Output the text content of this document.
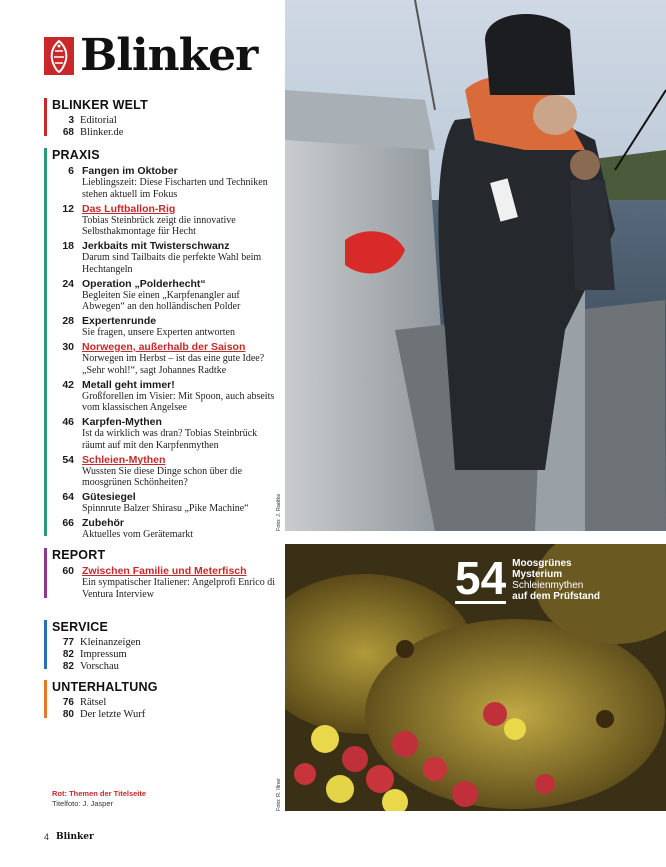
Blinker
BLINKER WELT
3 Editorial
68 Blinker.de
PRAXIS
6 Fangen im Oktober
Lieblingszeit: Diese Fischarten und Techniken stehen aktuell im Fokus
12 Das Luftballon-Rig
Tobias Steinbrück zeigt die innovative Selbsthakmontage für Hecht
18 Jerkbaits mit Twisterschwanz
Darum sind Tailbaits die perfekte Wahl beim Hechtangeln
24 Operation „Polderhecht“
Begleiten Sie einen „Karpfenangler auf Abwegen“ an den holländischen Polder
28 Expertenrunde
Sie fragen, unsere Experten antworten
30 Norwegen, außerhalb der Saison
Norwegen im Herbst – ist das eine gute Idee? „Sehr wohl!“, sagt Johannes Radtke
42 Metall geht immer!
Großforellen im Visier: Mit Spoon, auch abseits vom klassischen Angelsee
46 Karpfen-Mythen
Ist da wirklich was dran? Tobias Steinbrück räumt auf mit den Karpfenmythen
54 Schleien-Mythen
Wussten Sie diese Dinge schon über die moosgrünen Schönheiten?
64 Gütesiegel
Spinnrute Balzer Shirasu „Pike Machine“
66 Zubehör
Aktuelles vom Gerätemarkt
REPORT
60 Zwischen Familie und Meterfisch
Ein sympatischer Italiener: Angelprofi Enrico di Ventura Interview
SERVICE
77 Kleinanzeigen
82 Impressum
82 Vorschau
UNTERHALTUNG
76 Rätsel
80 Der letzte Wurf
Rot: Themen der Titelseite
Titelfoto: J. Jasper
4 Blinker
Foto: J. Radtke
Foto: R. Illner
54 Moosgrünes
Mysterium
Schleienmythen
auf dem Prüfstand
